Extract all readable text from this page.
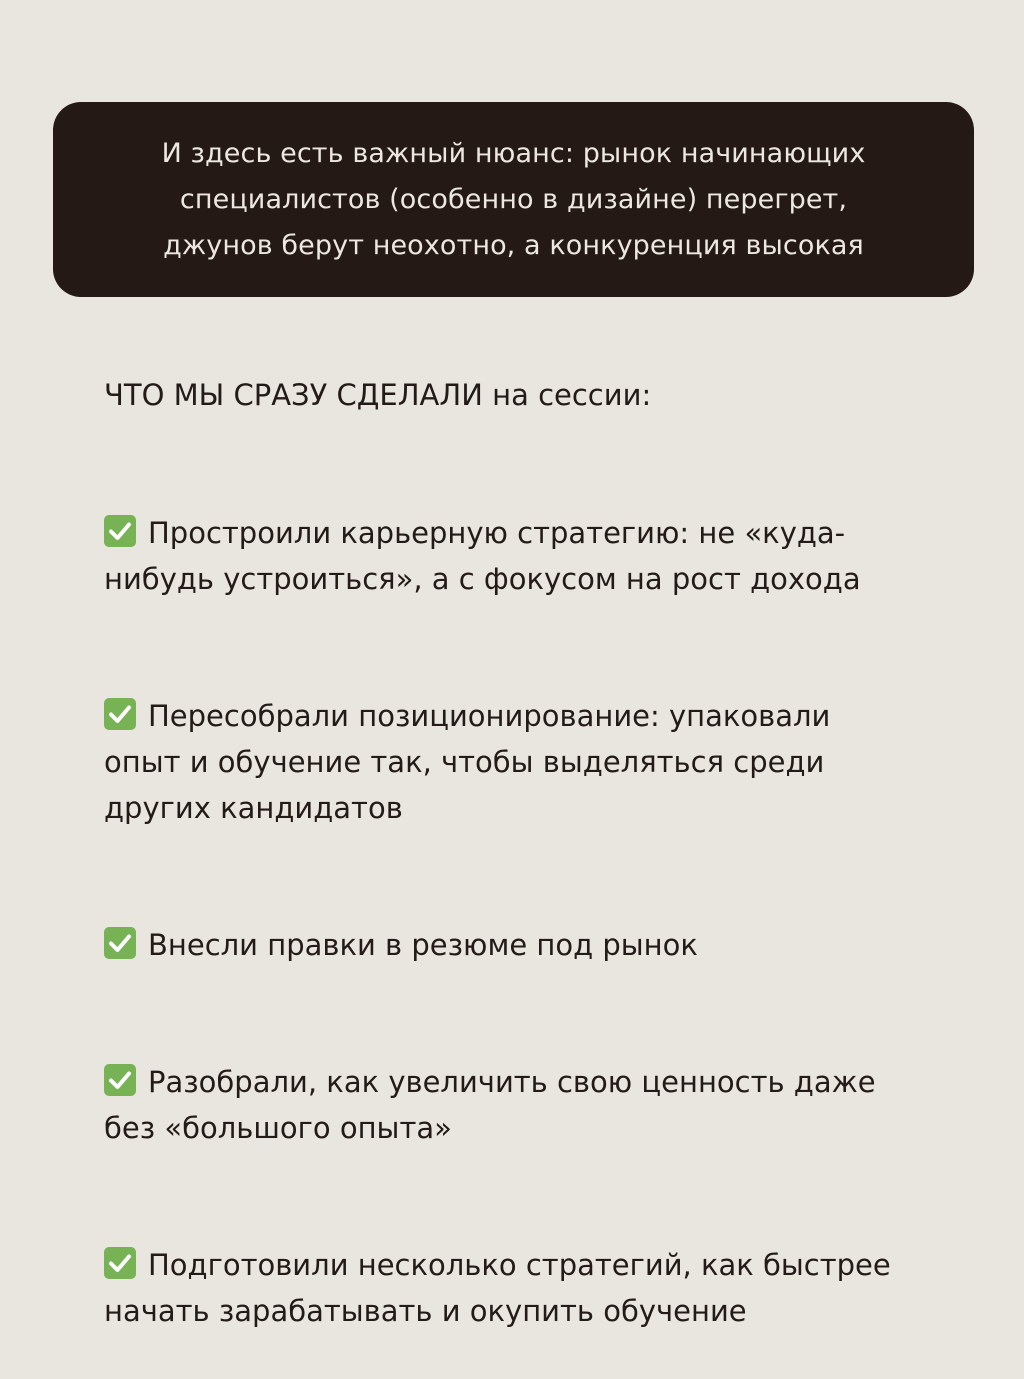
И здесь есть важный нюанс: рынок начинающих
специалистов (особенно в дизайне) перегрет,
джунов берут неохотно, а конкуренция высокая

ЧТО МЫ СРАЗУ СДЕЛАЛИ на сессии:

Простроили карьерную стратегию: не «куда-
нибудь устроиться», а с фокусом на рост дохода

Пересобрали позиционирование: упаковали
опыт и обучение так, чтобы выделяться среди
других кандидатов

Внесли правки в резюме под рынок

Разобрали, как увеличить свою ценность даже
без «большого опыта»

Подготовили несколько стратегий, как быстрее
начать зарабатывать и окупить обучение
